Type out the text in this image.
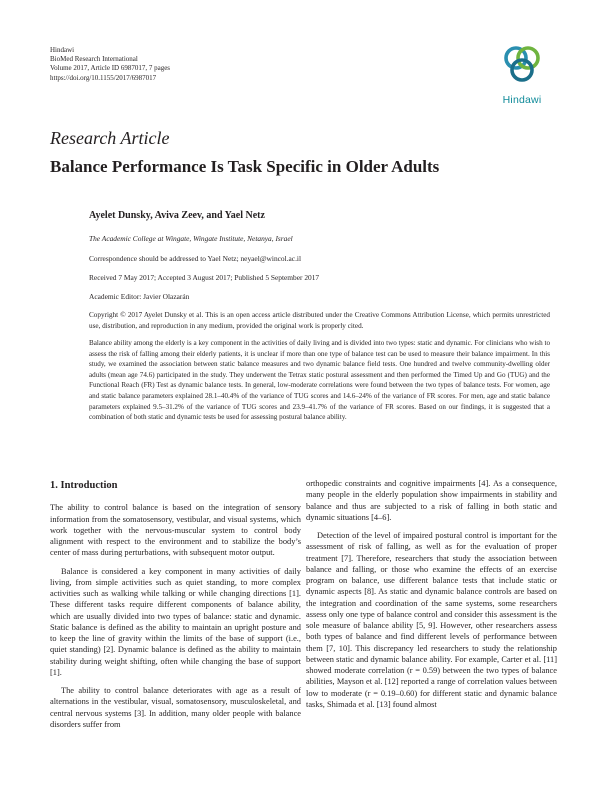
Hindawi
BioMed Research International
Volume 2017, Article ID 6987017, 7 pages
https://doi.org/10.1155/2017/6987017
Hindawi
Research Article
Balance Performance Is Task Specific in Older Adults
Ayelet Dunsky, Aviva Zeev, and Yael Netz
The Academic College at Wingate, Wingate Institute, Netanya, Israel
Correspondence should be addressed to Yael Netz; neyael@wincol.ac.il
Received 7 May 2017; Accepted 3 August 2017; Published 5 September 2017
Academic Editor: Javier Olazarán
Copyright © 2017 Ayelet Dunsky et al. This is an open access article distributed under the Creative Commons Attribution License, which permits unrestricted use, distribution, and reproduction in any medium, provided the original work is properly cited.
Balance ability among the elderly is a key component in the activities of daily living and is divided into two types: static and dynamic. For clinicians who wish to assess the risk of falling among their elderly patients, it is unclear if more than one type of balance test can be used to measure their balance impairment. In this study, we examined the association between static balance measures and two dynamic balance field tests. One hundred and twelve community-dwelling older adults (mean age 74.6) participated in the study. They underwent the Tetrax static postural assessment and then performed the Timed Up and Go (TUG) and the Functional Reach (FR) Test as dynamic balance tests. In general, low-moderate correlations were found between the two types of balance tests. For women, age and static balance parameters explained 28.1–40.4% of the variance of TUG scores and 14.6–24% of the variance of FR scores. For men, age and static balance parameters explained 9.5–31.2% of the variance of TUG scores and 23.9–41.7% of the variance of FR scores. Based on our findings, it is suggested that a combination of both static and dynamic tests be used for assessing postural balance ability.
1. Introduction

The ability to control balance is based on the integration of sensory information from the somatosensory, vestibular, and visual systems, which work together with the nervous-muscular system to control body alignment with respect to the environment and to stabilize the body’s center of mass during perturbations, with subsequent motor output.

Balance is considered a key component in many activities of daily living, from simple activities such as quiet standing, to more complex activities such as walking while talking or while changing directions [1]. These different tasks require different components of balance ability, which are usually divided into two types of balance: static and dynamic. Static balance is defined as the ability to maintain an upright posture and to keep the line of gravity within the limits of the base of support (i.e., quiet standing) [2]. Dynamic balance is defined as the ability to maintain stability during weight shifting, often while changing the base of support [1].

The ability to control balance deteriorates with age as a result of alternations in the vestibular, visual, somatosensory, musculoskeletal, and central nervous systems [3]. In addition, many older people with balance disorders suffer from

orthopedic constraints and cognitive impairments [4]. As a consequence, many people in the elderly population show impairments in stability and balance and thus are subjected to a risk of falling in both static and dynamic situations [4–6].

Detection of the level of impaired postural control is important for the assessment of risk of falling, as well as for the evaluation of proper treatment [7]. Therefore, researchers that study the association between balance and falling, or those who examine the effects of an exercise program on balance, use different balance tests that include static or dynamic aspects [8]. As static and dynamic balance controls are based on the integration and coordination of the same systems, some researchers assess only one type of balance control and consider this assessment is the sole measure of balance ability [5, 9]. However, other researchers assess both types of balance and find different levels of performance between them [7, 10]. This discrepancy led researchers to study the relationship between static and dynamic balance ability. For example, Carter et al. [11] showed moderate correlation (r = 0.59) between the two types of balance abilities, Mayson et al. [12] reported a range of correlation values between low to moderate (r = 0.19–0.60) for different static and dynamic balance tasks, Shimada et al. [13] found almost
